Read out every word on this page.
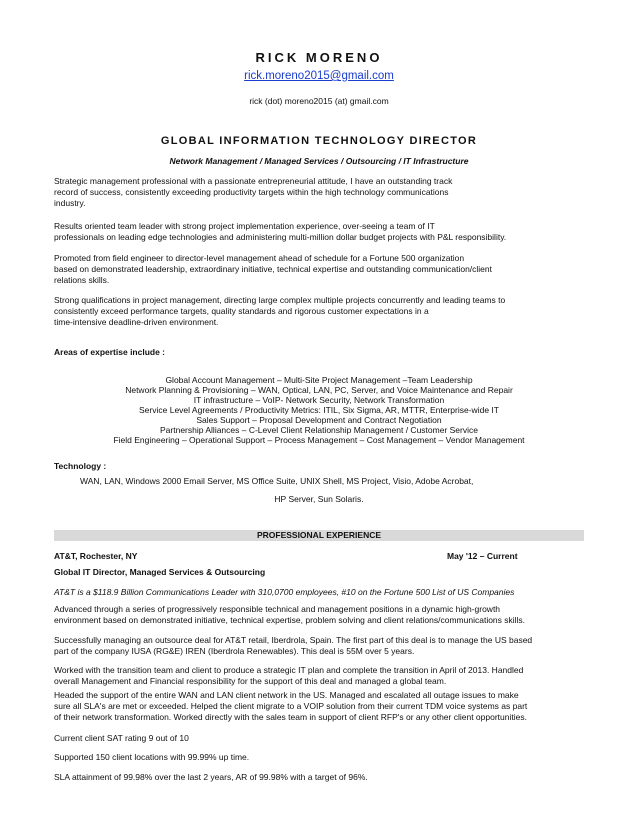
RICK MORENO
rick.moreno2015@gmail.com
rick (dot) moreno2015 (at) gmail.com
GLOBAL INFORMATION TECHNOLOGY DIRECTOR
Network Management / Managed Services / Outsourcing / IT Infrastructure
Strategic management professional with a passionate entrepreneurial attitude, I have an outstanding track
record of success, consistently exceeding productivity targets within the high technology communications
industry.
Results oriented team leader with strong project implementation experience, over-seeing a team of IT
professionals on leading edge technologies and administering multi-million dollar budget projects with P&L responsibility.
Promoted from field engineer to director-level management ahead of schedule for a Fortune 500 organization
based on demonstrated leadership, extraordinary initiative, technical expertise and outstanding communication/client
relations skills.
Strong qualifications in project management, directing large complex multiple projects concurrently and leading teams to
consistently exceed performance targets, quality standards and rigorous customer expectations in a
time-intensive deadline-driven environment.
Areas of expertise include :
Global Account Management – Multi-Site Project Management –Team Leadership
Network Planning & Provisioning – WAN, Optical, LAN, PC, Server, and Voice Maintenance and Repair
IT infrastructure – VoIP- Network Security, Network Transformation
Service Level Agreements / Productivity Metrics: ITIL, Six Sigma, AR, MTTR, Enterprise-wide IT
Sales Support – Proposal Development and Contract Negotiation
Partnership Alliances – C-Level Client Relationship Management / Customer Service
Field Engineering – Operational Support – Process Management – Cost Management – Vendor Management
Technology :
WAN, LAN, Windows 2000 Email Server, MS Office Suite, UNIX Shell, MS Project, Visio, Adobe Acrobat,
HP Server, Sun Solaris.
PROFESSIONAL EXPERIENCE
AT&T, Rochester, NY	May '12 – Current
Global IT Director, Managed Services & Outsourcing
AT&T is a $118.9 Billion Communications Leader with 310,0700 employees, #10 on the Fortune 500 List of US Companies
Advanced through a series of progressively responsible technical and management positions in a dynamic high-growth
environment based on demonstrated initiative, technical expertise, problem solving and client relations/communications skills.
Successfully managing an outsource deal for AT&T retail, Iberdrola, Spain. The first part of this deal is to manage the US based
part of the company IUSA (RG&E) IREN (Iberdrola Renewables). This deal is 55M over 5 years.
Worked with the transition team and client to produce a strategic IT plan and complete the transition in April of 2013. Handled
overall Management and Financial responsibility for the support of this deal and managed a global team.
Headed the support of the entire WAN and LAN client network in the US. Managed and escalated all outage issues to make
sure all SLA's are met or exceeded. Helped the client migrate to a VOIP solution from their current TDM voice systems as part
of their network transformation. Worked directly with the sales team in support of client RFP's or any other client opportunities.
Current client SAT rating 9 out of 10
Supported 150 client locations with 99.99% up time.
SLA attainment of 99.98% over the last 2 years, AR of 99.98% with a target of 96%.
